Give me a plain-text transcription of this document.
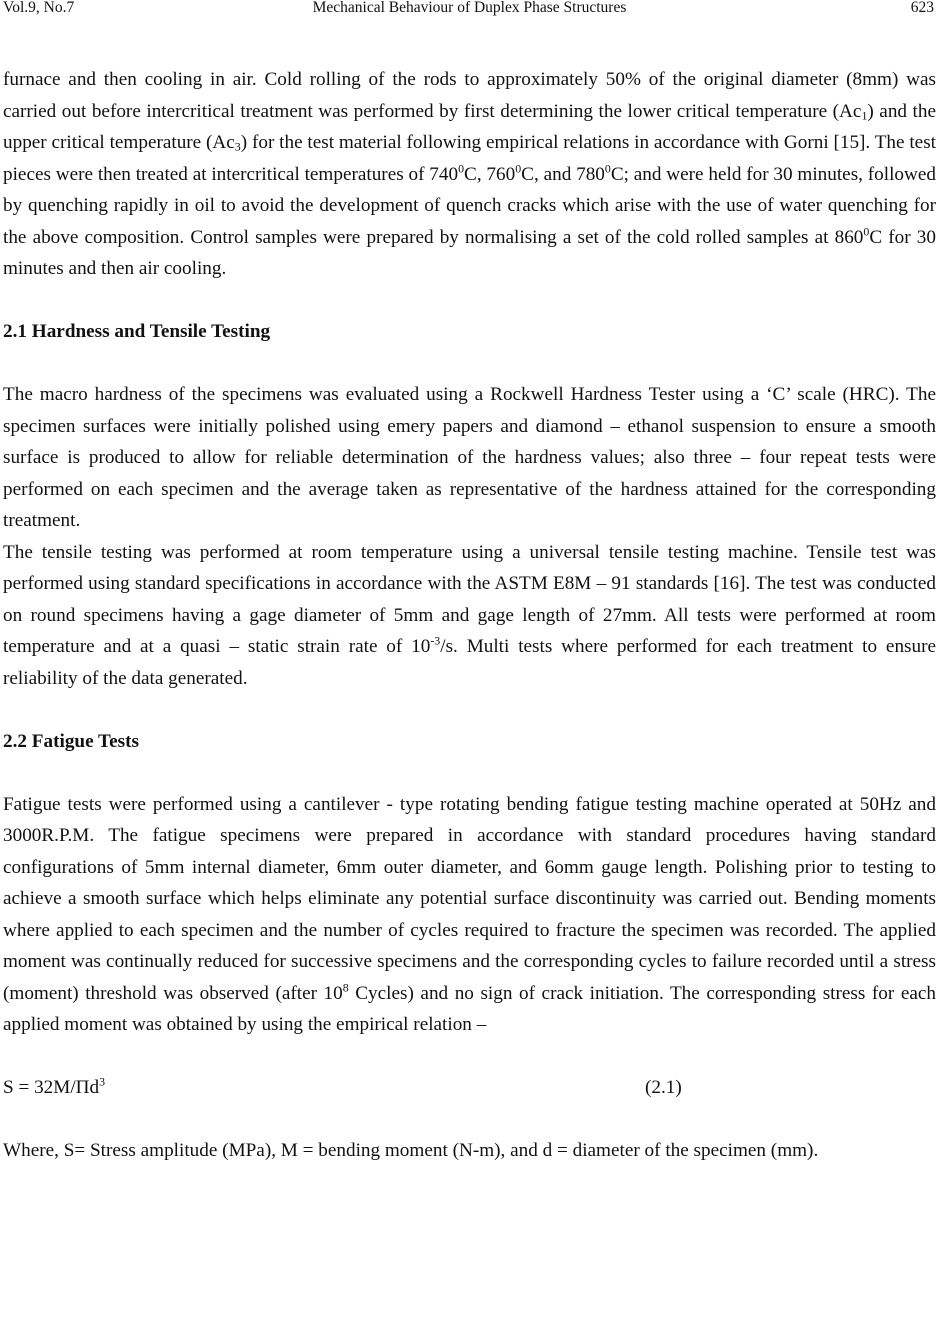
Vol.9, No.7	Mechanical Behaviour of Duplex Phase Structures	623

furnace and then cooling in air. Cold rolling of the rods to approximately 50% of the original diameter (8mm) was carried out before intercritical treatment was performed by first determining the lower critical temperature $(Ac_1)$ and the upper critical temperature $(Ac_3)$ for the test material following empirical relations in accordance with Gorni [15]. The test pieces were then treated at intercritical temperatures of $740^0C$, $760^0C$, and $780^0C$; and were held for 30 minutes, followed by quenching rapidly in oil to avoid the development of quench cracks which arise with the use of water quenching for the above composition. Control samples were prepared by normalising a set of the cold rolled samples at $860^0C$ for 30 minutes and then air cooling.

2.1 Hardness and Tensile Testing

The macro hardness of the specimens was evaluated using a Rockwell Hardness Tester using a ‘C’ scale (HRC). The specimen surfaces were initially polished using emery papers and diamond – ethanol suspension to ensure a smooth surface is produced to allow for reliable determination of the hardness values; also three – four repeat tests were performed on each specimen and the average taken as representative of the hardness attained for the corresponding treatment.

The tensile testing was performed at room temperature using a universal tensile testing machine. Tensile test was performed using standard specifications in accordance with the ASTM E8M – 91 standards [16]. The test was conducted on round specimens having a gage diameter of 5mm and gage length of 27mm. All tests were performed at room temperature and at a quasi – static strain rate of $10^{-3}/s$. Multi tests where performed for each treatment to ensure reliability of the data generated.

2.2 Fatigue Tests

Fatigue tests were performed using a cantilever - type rotating bending fatigue testing machine operated at 50Hz and 3000R.P.M. The fatigue specimens were prepared in accordance with standard procedures having standard configurations of 5mm internal diameter, 6mm outer diameter, and 6omm gauge length. Polishing prior to testing to achieve a smooth surface which helps eliminate any potential surface discontinuity was carried out. Bending moments where applied to each specimen and the number of cycles required to fracture the specimen was recorded. The applied moment was continually reduced for successive specimens and the corresponding cycles to failure recorded until a stress (moment) threshold was observed (after $10^8$ Cycles) and no sign of crack initiation. The corresponding stress for each applied moment was obtained by using the empirical relation –

$S = 32M/\Pi d^3$	(2.1)

Where, S= Stress amplitude (MPa), M = bending moment (N-m), and d = diameter of the specimen (mm).
